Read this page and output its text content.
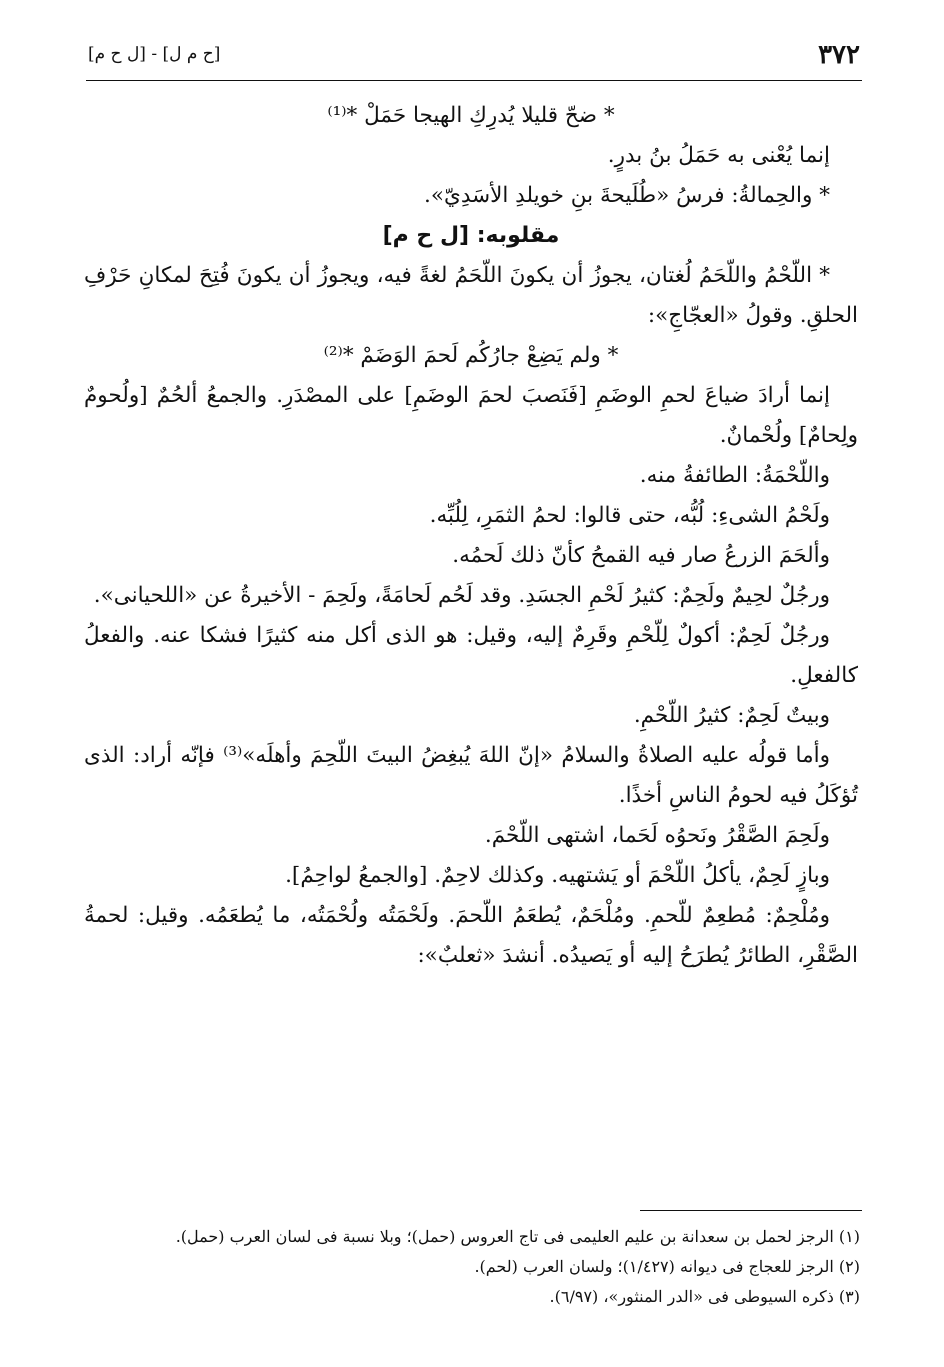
[ح م ل] - [ل ح م]	٣٧٢

* ضحّ قليلا يُدرِكِ الهيجا حَمَلْ *⁽¹⁾

إنما يُعْنى به حَمَلُ بنُ بدرٍ.

* والحِمالةُ: فرسُ «طُلَيحةَ بنِ خويلدِ الأسَدِيّ».

مقلوبه: [ل ح م]

* اللّحْمُ واللّحَمُ لُغتان، يجوزُ أن يكونَ اللّحَمُ لغةً فيه، ويجوزُ أن يكونَ فُتِحَ لمكانِ حَرْفِ الحلقِ. وقولُ «العجّاجِ»:

* ولم يَضِعْ جارُكُم لَحمَ الوَضَمْ *⁽²⁾

إنما أرادَ ضياعَ لحمِ الوضَمِ [فَنَصبَ لحمَ الوضَمِ] على المصْدَرِ. والجمعُ ألحُمٌ [ولُحومٌ ولِحامٌ] ولُحْمانٌ.

واللّحْمَةُ: الطائفةُ منه.

ولَحْمُ الشىءِ: لُبُّه، حتى قالوا: لحمُ الثمَرِ، لِلُبِّه.

وألحَمَ الزرعُ صار فيه القمحُ كأنّ ذلك لَحمُه.

ورجُلٌ لحِيمٌ ولَحِمٌ: كثيرُ لَحْمِ الجسَدِ. وقد لَحُم لَحامَةً، ولَحِمَ - الأخيرةُ عن «اللحيانى».

ورجُلٌ لَحِمٌ: أكولٌ لِلّحْمِ وقَرِمٌ إليه، وقيل: هو الذى أكل منه كثيرًا فشكا عنه. والفعلُ كالفعلِ.

وبيتٌ لَحِمٌ: كثيرُ اللّحْمِ.

وأما قولُه عليه الصلاةُ والسلامُ «إنّ اللهَ يُبغِضُ البيتَ اللّحِمَ وأهلَه»⁽³⁾ فإنّه أراد: الذى تُؤكَلُ فيه لحومُ الناسِ أخذًا.

ولَحِمَ الصَّقْرُ ونَحوُه لَحَما، اشتهى اللّحْمَ.

وبازٍ لَحِمٌ، يأكلُ اللّحْمَ أو يَشتهيه. وكذلك لاحِمٌ. [والجمعُ لواحِمُ].

ومُلْحِمٌ: مُطعِمٌ للّحمِ. ومُلْحَمٌ، يُطعَمُ اللّحمَ. ولَحْمَتُه ولُحْمَتُه، ما يُطعَمُه. وقيل: لحمةُ الصَّقْرِ، الطائرُ يُطرَحُ إليه أو يَصيدُه. أنشدَ «ثعلبٌ»:

(١) الرجز لحمل بن سعدانة بن عليم العليمى فى تاج العروس (حمل)؛ وبلا نسبة فى لسان العرب (حمل).

(٢) الرجز للعجاج فى ديوانه (١/٤٢٧)؛ ولسان العرب (لحم).

(٣) ذكره السيوطى فى «الدر المنثور»، (٦/٩٧).
